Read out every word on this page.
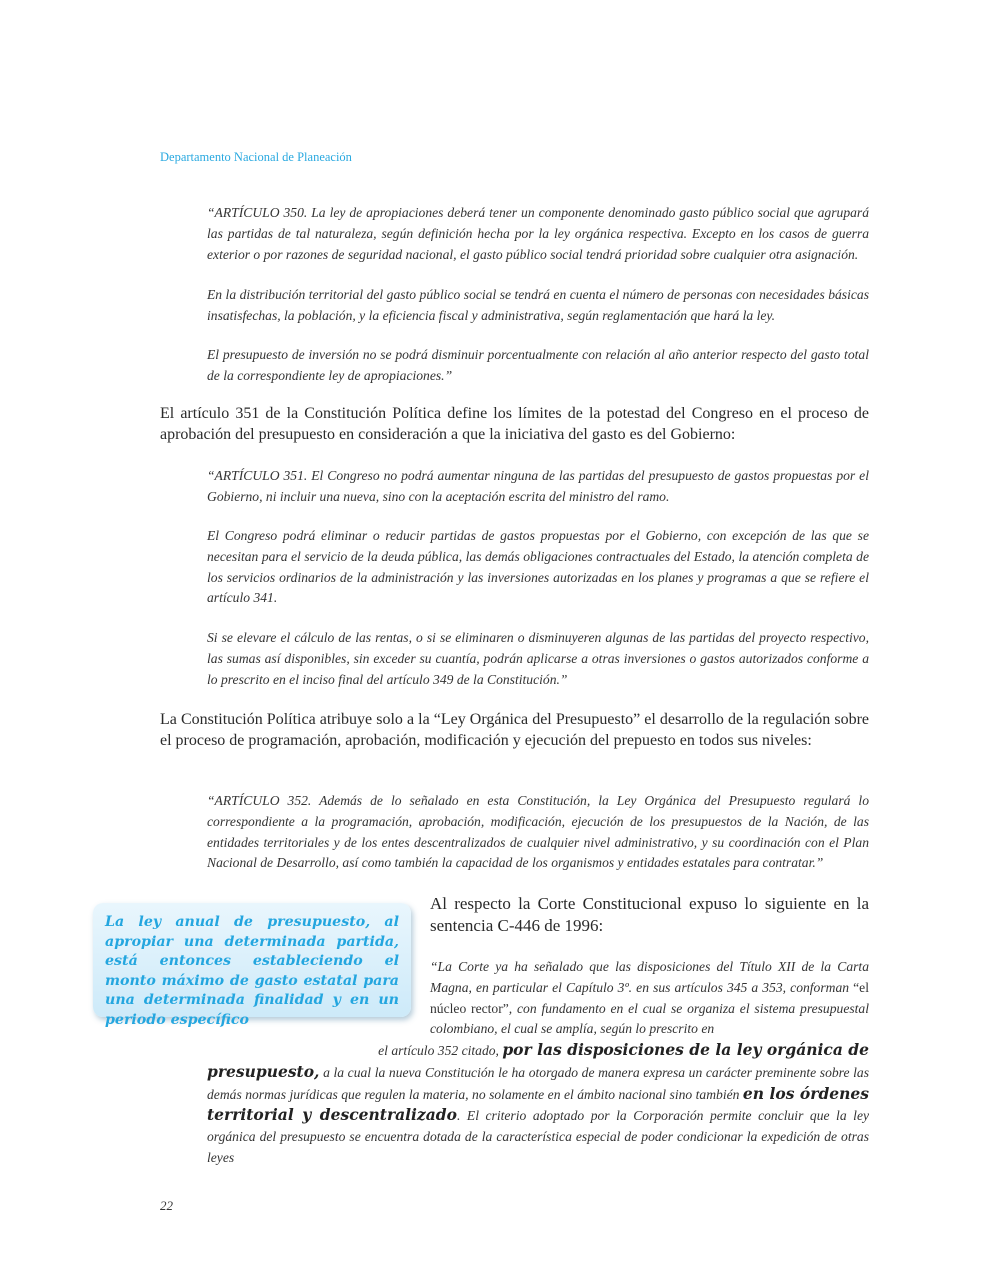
Departamento Nacional de Planeación
“ARTÍCULO 350. La ley de apropiaciones deberá tener un componente denominado gasto público social que agrupará las partidas de tal naturaleza, según definición hecha por la ley orgánica respectiva. Excepto en los casos de guerra exterior o por razones de seguridad nacional, el gasto público social tendrá prioridad sobre cualquier otra asignación.
En la distribución territorial del gasto público social se tendrá en cuenta el número de personas con necesidades básicas insatisfechas, la población, y la eficiencia fiscal y administrativa, según reglamentación que hará la ley.
El presupuesto de inversión no se podrá disminuir porcentualmente con relación al año anterior respecto del gasto total de la correspondiente ley de apropiaciones.”
El artículo 351 de la Constitución Política define los límites de la potestad del Congreso en el proceso de aprobación del presupuesto en consideración a que la iniciativa del gasto es del Gobierno:
“ARTÍCULO 351. El Congreso no podrá aumentar ninguna de las partidas del presupuesto de gastos propuestas por el Gobierno, ni incluir una nueva, sino con la aceptación escrita del ministro del ramo.
El Congreso podrá eliminar o reducir partidas de gastos propuestas por el Gobierno, con excepción de las que se necesitan para el servicio de la deuda pública, las demás obligaciones contractuales del Estado, la atención completa de los servicios ordinarios de la administración y las inversiones autorizadas en los planes y programas a que se refiere el artículo 341.
Si se elevare el cálculo de las rentas, o si se eliminaren o disminuyeren algunas de las partidas del proyecto respectivo, las sumas así disponibles, sin exceder su cuantía, podrán aplicarse a otras inversiones o gastos autorizados conforme a lo prescrito en el inciso final del artículo 349 de la Constitución.”
La Constitución Política atribuye solo a la “Ley Orgánica del Presupuesto” el desarrollo de la regulación sobre el proceso de programación, aprobación, modificación y ejecución del prepuesto en todos sus niveles:
“ARTÍCULO 352. Además de lo señalado en esta Constitución, la Ley Orgánica del Presupuesto regulará lo correspondiente a la programación, aprobación, modificación, ejecución de los presupuestos de la Nación, de las entidades territoriales y de los entes descentralizados de cualquier nivel administrativo, y su coordinación con el Plan Nacional de Desarrollo, así como también la capacidad de los organismos y entidades estatales para contratar.”
La ley anual de presupuesto, al apropiar una determinada partida, está entonces estableciendo el monto máximo de gasto estatal para una determinada finalidad y en un periodo específico
Al respecto la Corte Constitucional expuso lo siguiente en la sentencia C-446 de 1996:
“La Corte ya ha señalado que las disposiciones del Título XII de la Carta Magna, en particular el Capítulo 3º. en sus artículos 345 a 353, conforman “el núcleo rector”, con fundamento en el cual se organiza el sistema presupuestal colombiano, el cual se amplía, según lo prescrito en
el artículo 352 citado, por las disposiciones de la ley orgánica de
presupuesto, a la cual la nueva Constitución le ha otorgado de manera expresa un carácter preminente sobre las demás normas jurídicas que regulen la materia, no solamente en el ámbito nacional sino también en los órdenes territorial y descentralizado. El criterio adoptado por la Corporación permite concluir que la ley orgánica del presupuesto se encuentra dotada de la característica especial de poder condicionar la expedición de otras leyes
22
